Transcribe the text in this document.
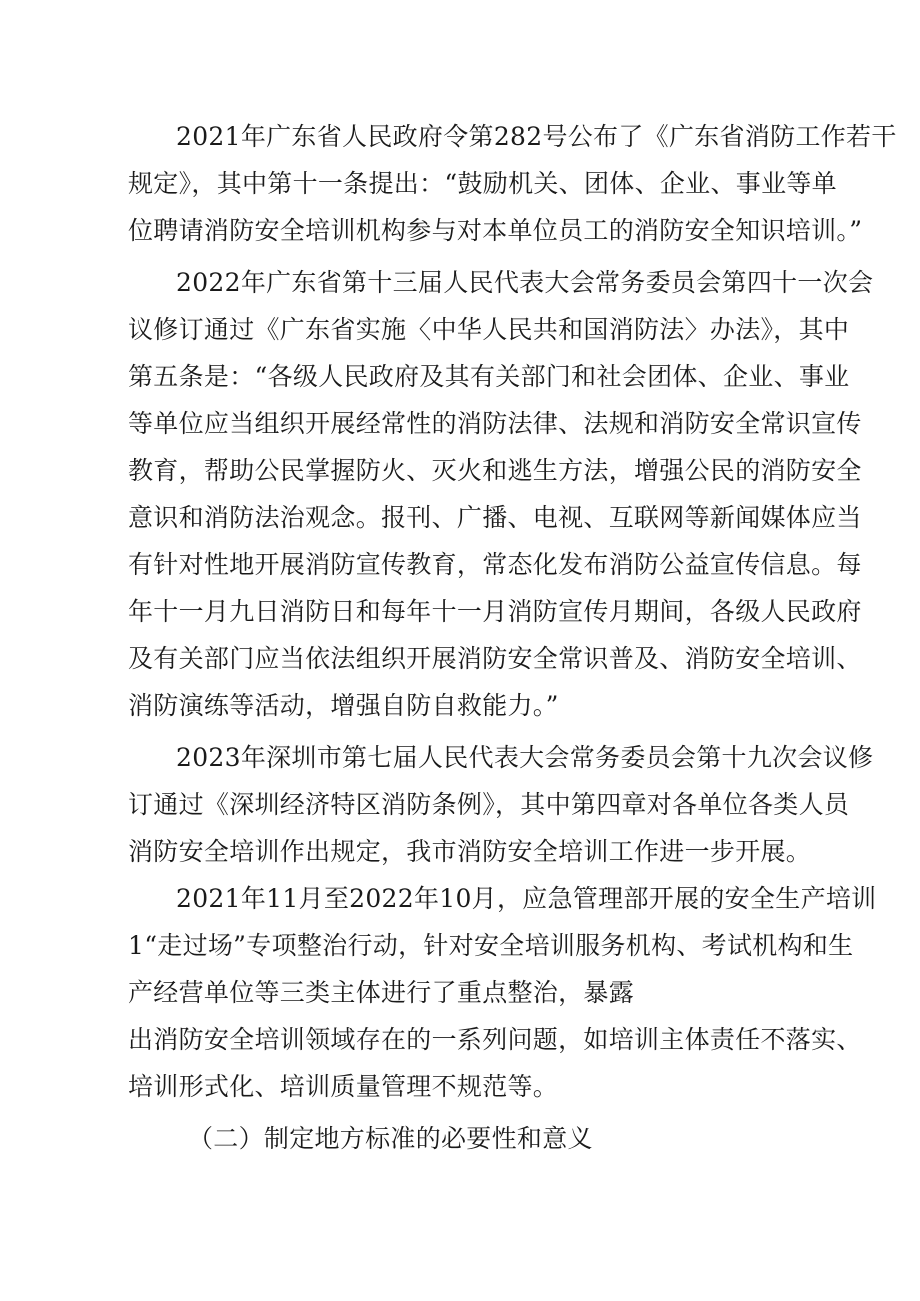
2021年广东省人民政府令第282号公布了《广东省消防工作若干
规定》，其中第十一条提出：“鼓励机关、团体、企业、事业等单
位聘请消防安全培训机构参与对本单位员工的消防安全知识培训。”
2022年广东省第十三届人民代表大会常务委员会第四十一次会
议修订通过《广东省实施〈中华人民共和国消防法〉办法》，其中
第五条是：“各级人民政府及其有关部门和社会团体、企业、事业
等单位应当组织开展经常性的消防法律、法规和消防安全常识宣传
教育，帮助公民掌握防火、灭火和逃生方法，增强公民的消防安全
意识和消防法治观念。报刊、广播、电视、互联网等新闻媒体应当
有针对性地开展消防宣传教育，常态化发布消防公益宣传信息。每
年十一月九日消防日和每年十一月消防宣传月期间，各级人民政府
及有关部门应当依法组织开展消防安全常识普及、消防安全培训、
消防演练等活动，增强自防自救能力。”
2023年深圳市第七届人民代表大会常务委员会第十九次会议修
订通过《深圳经济特区消防条例》，其中第四章对各单位各类人员
消防安全培训作出规定，我市消防安全培训工作进一步开展。
2021年11月至2022年10月，应急管理部开展的安全生产培训
1“走过场”专项整治行动，针对安全培训服务机构、考试机构和生
产经营单位等三类主体进行了重点整治，暴露
出消防安全培训领域存在的一系列问题，如培训主体责任不落实、
培训形式化、培训质量管理不规范等。
（二）制定地方标准的必要性和意义
